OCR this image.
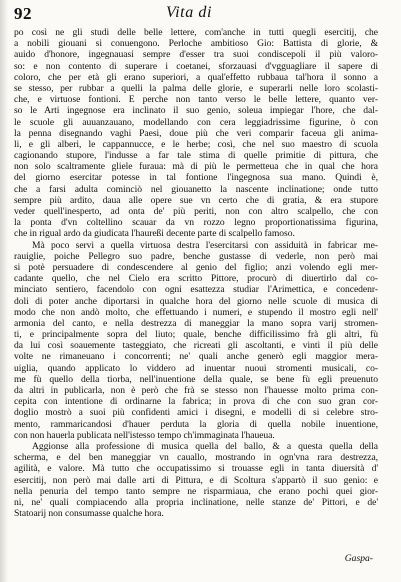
92	Vita di
po così ne gli studi delle belle lettere, com'anche in tutti quegli esercitij, che
a nobili giouani si conuengono. Perloche ambitioso Gio: Battista di glorie, &
auido d'honore, ingegnauasi sempre d'esser tra suoi condiscepoli il più valoro-
so: e non contento di superare i coetanei, sforzauasi d'vgguagliare il sapere di
coloro, che per età gli erano superiori, a qual'effetto rubbaua tal'hora il sonno a
se stesso, per rubbar a quelli la palma delle glorie, e superarli nelle loro scolasti-
che, e virtuose fontioni. E perche non tanto verso le belle lettere, quanto ver-
so le Arti ingegnose era inclinato il suo genio, soleua impiegar l'hore, che dal-
le scuole gli auuanzauano, modellando con cera leggiadrissime figurine, ò con
la penna disegnando vaghi Paesi, doue più che veri comparir faceua gli anima-
li, e gli alberi, le cappannucce, e le herbe; così, che nel suo maestro di scuola
cagionando stupore, l'indusse a far tale stima di quelle primitie di pittura, che
non solo scaltramente gliele furaua: mà di più le permetteua che in qual che hora
del giorno esercitar potesse in tal fontione l'ingegnosa sua mano. Quindi è,
che a farsi adulta cominciò nel giouanetto la nascente inclinatione; onde tutto
sempre più ardito, daua alle opere sue vn certo che di gratia, & era stupore
veder quell'inesperto, ad onta de' più periti, non con altro scalpello, che con
la ponta d'vn coltellino scauar da vn rozzo legno proportionatissima figurina,
che in rigual ardo da giudicata l'haureßi decente parte di scalpello famoso.
Mà poco servì a quella virtuosa destra l'esercitarsi con assiduità in fabricar me-
rauiglie, poiche Pellegro suo padre, benche gustasse di vederle, non però mai
si potè persuadere di condescendere al genio del figlio; anzi volendo egli mer-
cadante quello, che nel Cielo era scritto Pittore, procurò di diuertirlo dal co-
minciato sentiero, facendolo con ogni esattezza studiar l'Arimettica, e concedenr-
doli di poter anche diportarsi in qualche hora del giorno nelle scuole di musica di
modo che non andò molto, che effettuando i numeri, e stupendo il mostro egli nell'
armonia del canto, e nella destrezza di maneggiar la mano sopra varij stromen-
ti, e principalmente sopra del liuto; quale, benche difficilissimo frà gli altri, fù
da lui così soauemente tasteggiato, che ricreati gli ascoltanti, e vinti il più delle
volte ne rimaneuano i concorrenti; ne' quali anche generò egli maggior mera-
uiglia, quando applicato lo viddero ad inuentar nuoui stromenti musicali, co-
me fù quello della tiorba, nell'inuentione della quale, se bene fù egli preuenuto
da altri in publicarla, non è però che frà se stesso non l'hauesse molto prima con-
cepita con intentione di ordinarne la fabrica; in prova di che con suo gran cor-
doglio mostrò a suoi più confidenti amici i disegni, e modelli di si celebre stro-
mento, rammaricandosi d'hauer perduta la gloria di quella nobile inuentione,
con non hauerla publicata nell'istesso tempo ch'immaginata l'haueua.
Aggionse alla professione di musica quella del ballo, & a questa quella della
scherma, e del ben maneggiar vn cauallo, mostrando in ogn'vna rara destrezza,
agilità, e valore. Mà tutto che occupatissimo si trouasse egli in tanta diuersità d'
esercitij, non però mai dalle arti di Pittura, e di Scoltura s'appartò il suo genio: e
nella penuria del tempo tanto sempre ne risparmiaua, che erano pochi quei gior-
ni, ne' quali compiacendo alla propria inclinatione, nelle stanze de' Pittori, e de'
Statoarij non consumasse qualche hora.
Gaspa-
